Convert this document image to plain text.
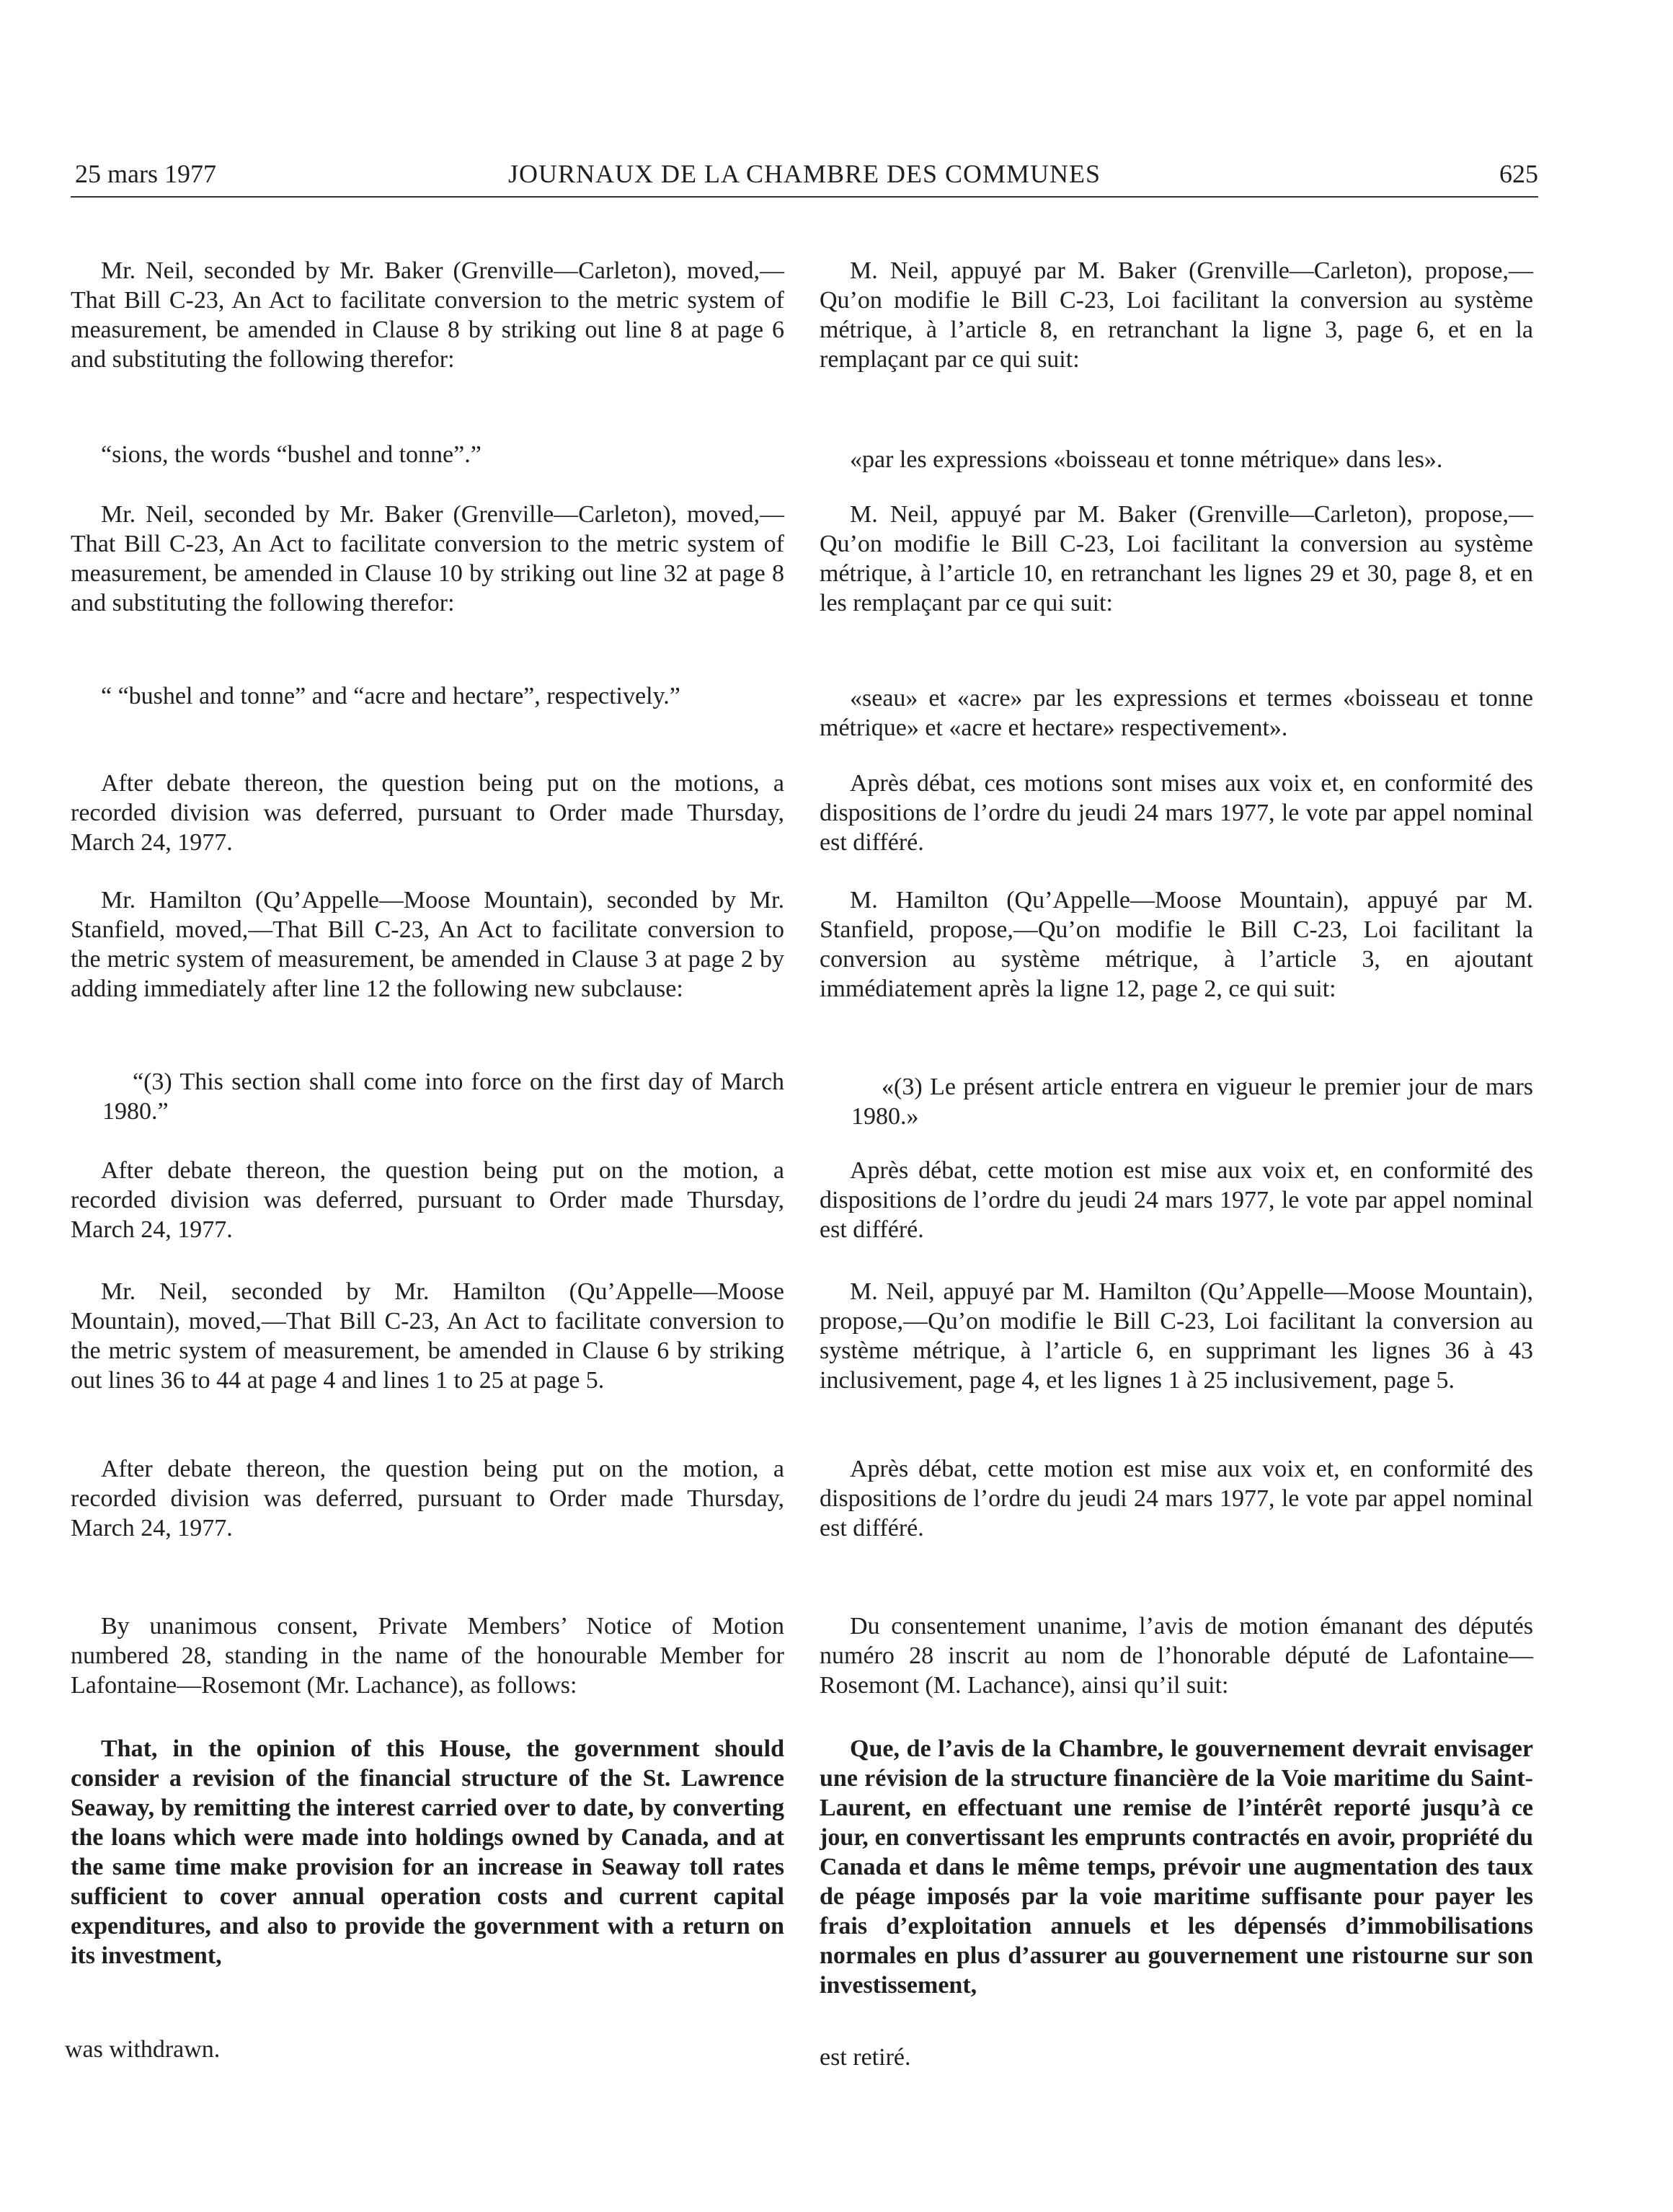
25 mars 1977	JOURNAUX DE LA CHAMBRE DES COMMUNES	625
Mr. Neil, seconded by Mr. Baker (Grenville—Carleton), moved,—That Bill C-23, An Act to facilitate conversion to the metric system of measurement, be amended in Clause 8 by striking out line 8 at page 6 and substituting the following therefor:
“sions, the words “bushel and tonne”.”
Mr. Neil, seconded by Mr. Baker (Grenville—Carleton), moved,—That Bill C-23, An Act to facilitate conversion to the metric system of measurement, be amended in Clause 10 by striking out line 32 at page 8 and substituting the following therefor:
“ “bushel and tonne” and “acre and hectare”, respectively.”
After debate thereon, the question being put on the motions, a recorded division was deferred, pursuant to Order made Thursday, March 24, 1977.
Mr. Hamilton (Qu’Appelle—Moose Mountain), seconded by Mr. Stanfield, moved,—That Bill C-23, An Act to facilitate conversion to the metric system of measurement, be amended in Clause 3 at page 2 by adding immediately after line 12 the following new subclause:
“(3) This section shall come into force on the first day of March 1980.”
After debate thereon, the question being put on the motion, a recorded division was deferred, pursuant to Order made Thursday, March 24, 1977.
Mr. Neil, seconded by Mr. Hamilton (Qu’Appelle—Moose Mountain), moved,—That Bill C-23, An Act to facilitate conversion to the metric system of measurement, be amended in Clause 6 by striking out lines 36 to 44 at page 4 and lines 1 to 25 at page 5.
After debate thereon, the question being put on the motion, a recorded division was deferred, pursuant to Order made Thursday, March 24, 1977.
By unanimous consent, Private Members’ Notice of Motion numbered 28, standing in the name of the honourable Member for Lafontaine—Rosemont (Mr. Lachance), as follows:
That, in the opinion of this House, the government should consider a revision of the financial structure of the St. Lawrence Seaway, by remitting the interest carried over to date, by converting the loans which were made into holdings owned by Canada, and at the same time make provision for an increase in Seaway toll rates sufficient to cover annual operation costs and current capital expenditures, and also to provide the government with a return on its investment,
was withdrawn.
M. Neil, appuyé par M. Baker (Grenville—Carleton), propose,—Qu’on modifie le Bill C-23, Loi facilitant la conversion au système métrique, à l’article 8, en retranchant la ligne 3, page 6, et en la remplaçant par ce qui suit:
«par les expressions «boisseau et tonne métrique» dans les».
M. Neil, appuyé par M. Baker (Grenville—Carleton), propose,—Qu’on modifie le Bill C-23, Loi facilitant la conversion au système métrique, à l’article 10, en retranchant les lignes 29 et 30, page 8, et en les remplaçant par ce qui suit:
«seau» et «acre» par les expressions et termes «boisseau et tonne métrique» et «acre et hectare» respectivement».
Après débat, ces motions sont mises aux voix et, en conformité des dispositions de l’ordre du jeudi 24 mars 1977, le vote par appel nominal est différé.
M. Hamilton (Qu’Appelle—Moose Mountain), appuyé par M. Stanfield, propose,—Qu’on modifie le Bill C-23, Loi facilitant la conversion au système métrique, à l’article 3, en ajoutant immédiatement après la ligne 12, page 2, ce qui suit:
«(3) Le présent article entrera en vigueur le premier jour de mars 1980.»
Après débat, cette motion est mise aux voix et, en conformité des dispositions de l’ordre du jeudi 24 mars 1977, le vote par appel nominal est différé.
M. Neil, appuyé par M. Hamilton (Qu’Appelle—Moose Mountain), propose,—Qu’on modifie le Bill C-23, Loi facilitant la conversion au système métrique, à l’article 6, en supprimant les lignes 36 à 43 inclusivement, page 4, et les lignes 1 à 25 inclusivement, page 5.
Après débat, cette motion est mise aux voix et, en conformité des dispositions de l’ordre du jeudi 24 mars 1977, le vote par appel nominal est différé.
Du consentement unanime, l’avis de motion émanant des députés numéro 28 inscrit au nom de l’honorable député de Lafontaine—Rosemont (M. Lachance), ainsi qu’il suit:
Que, de l’avis de la Chambre, le gouvernement devrait envisager une révision de la structure financière de la Voie maritime du Saint-Laurent, en effectuant une remise de l’intérêt reporté jusqu’à ce jour, en convertissant les emprunts contractés en avoir, propriété du Canada et dans le même temps, prévoir une augmentation des taux de péage imposés par la voie maritime suffisante pour payer les frais d’exploitation annuels et les dépensés d’immobilisations normales en plus d’assurer au gouvernement une ristourne sur son investissement,
est retiré.
